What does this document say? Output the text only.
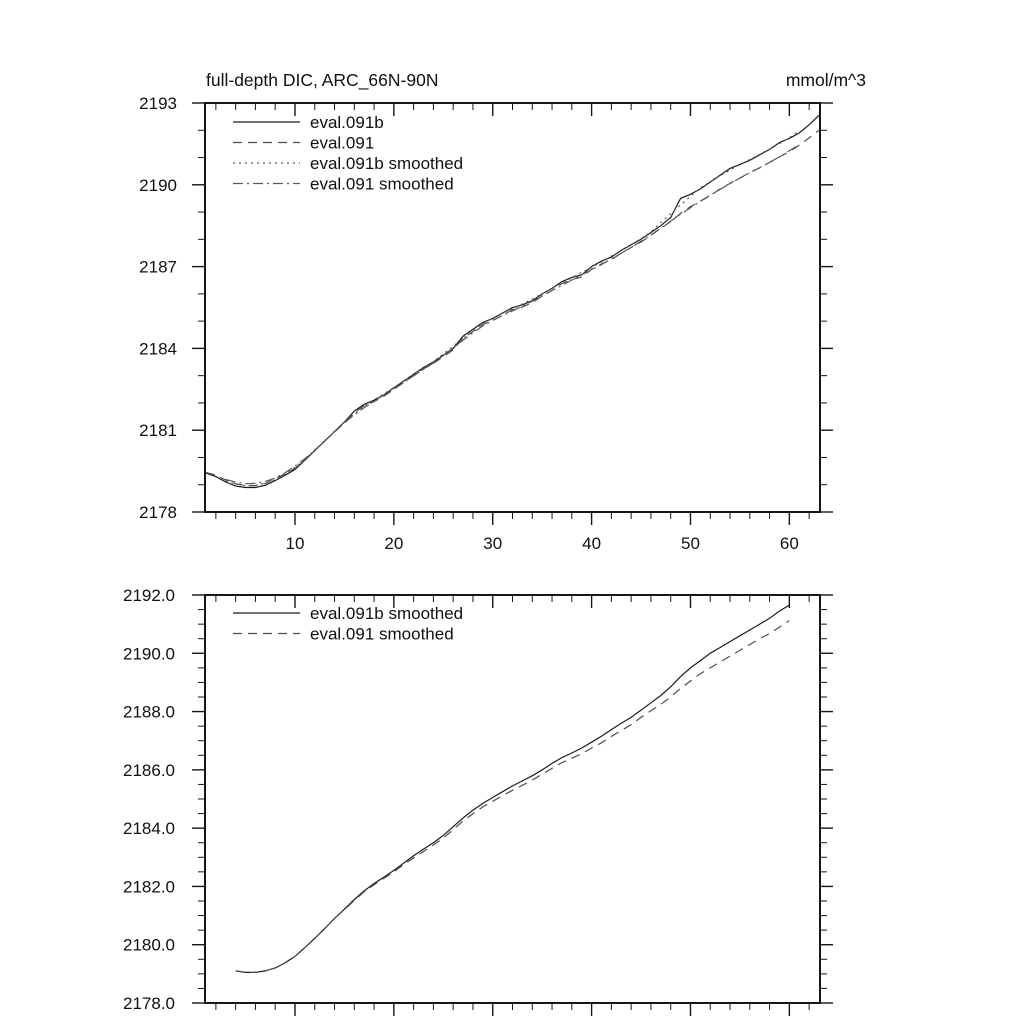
10	20	30	40	50	60
2178
2181
2184
2187
2190
2193
eval.091b
eval.091
eval.091b smoothed
eval.091 smoothed
full-depth DIC, ARC_66N-90N	mmol/m^3
2178.0
2180.0
2182.0
2184.0
2186.0
2188.0
2190.0
2192.0
eval.091b smoothed
eval.091 smoothed
